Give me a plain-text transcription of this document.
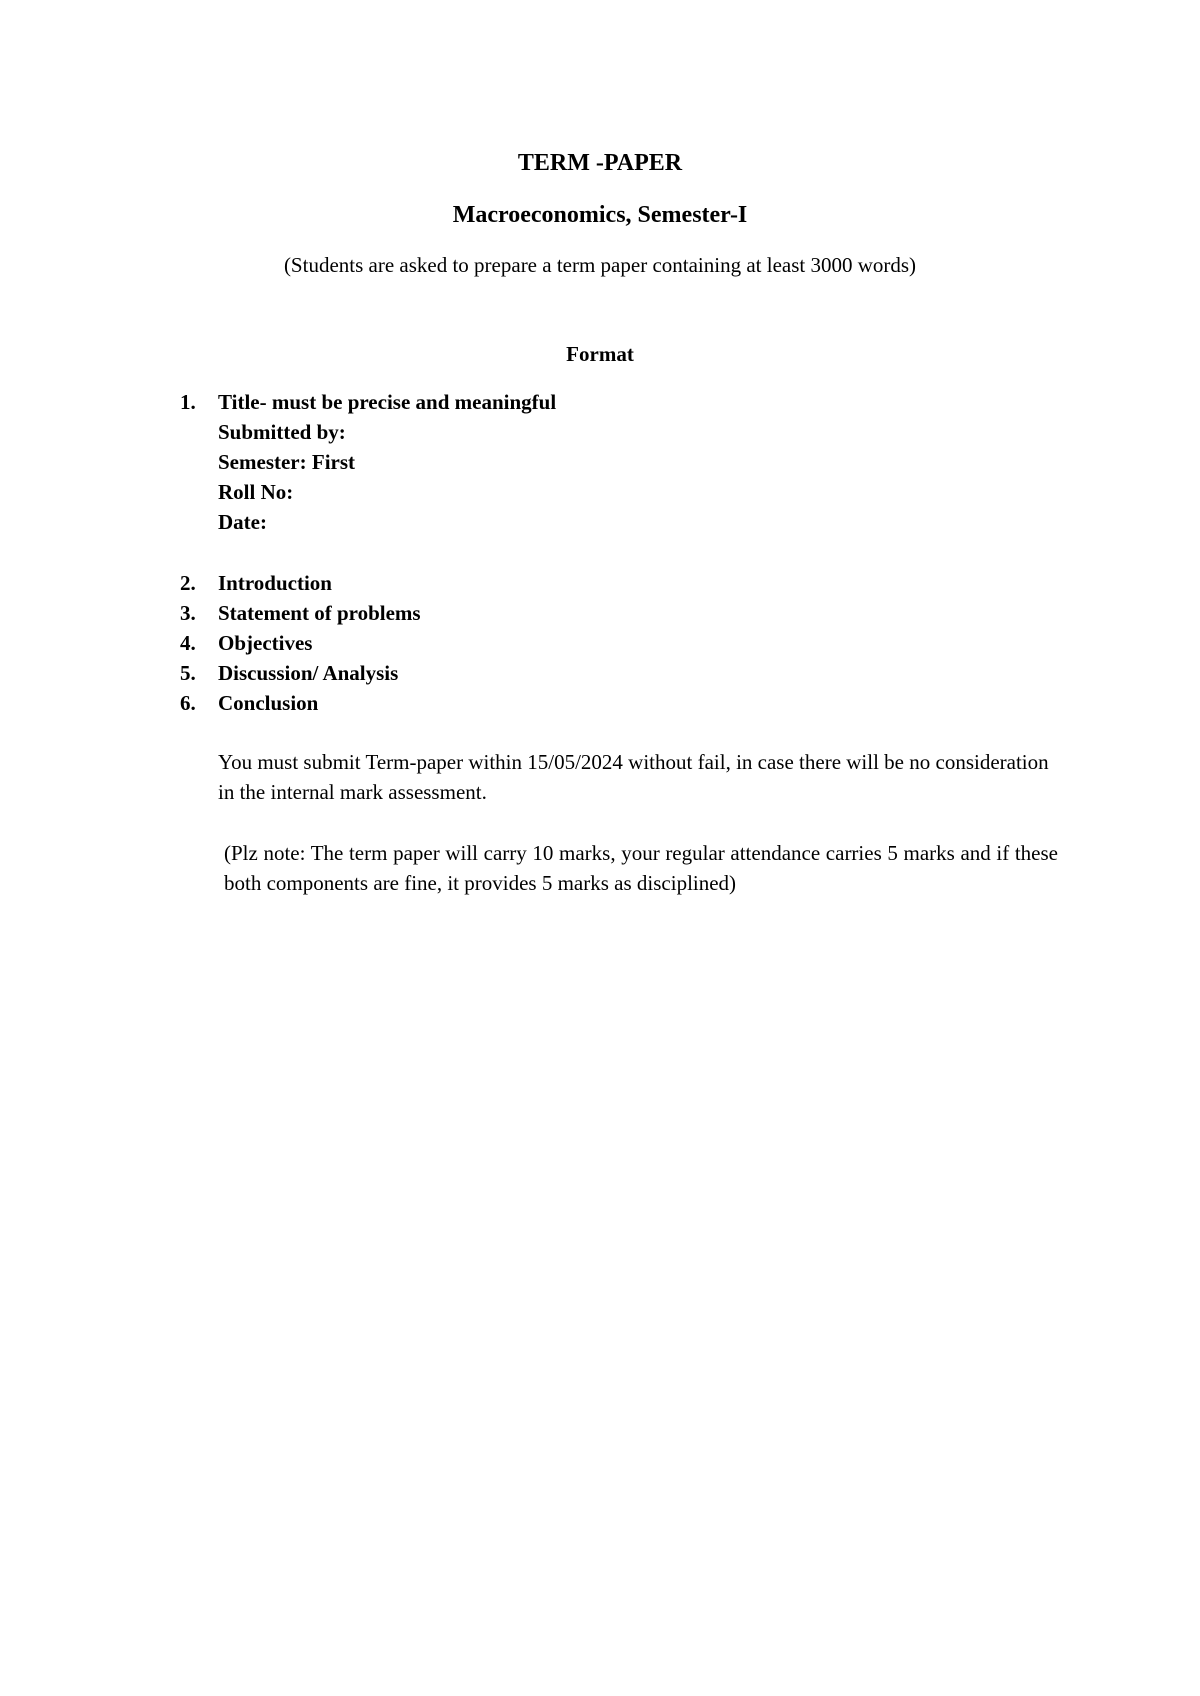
TERM -PAPER
Macroeconomics, Semester-I

(Students are asked to prepare a term paper containing at least 3000 words)

Format
1.	Title- must be precise and meaningful
Submitted by:
Semester: First
Roll No:
Date:
2.	Introduction
3.	Statement of problems
4.	Objectives
5.	Discussion/ Analysis
6.	Conclusion

You must submit Term-paper within 15/05/2024 without fail, in case there will be no consideration in the internal mark assessment.

(Plz note: The term paper will carry 10 marks, your regular attendance carries 5 marks and if these both components are fine, it provides 5 marks as disciplined)
